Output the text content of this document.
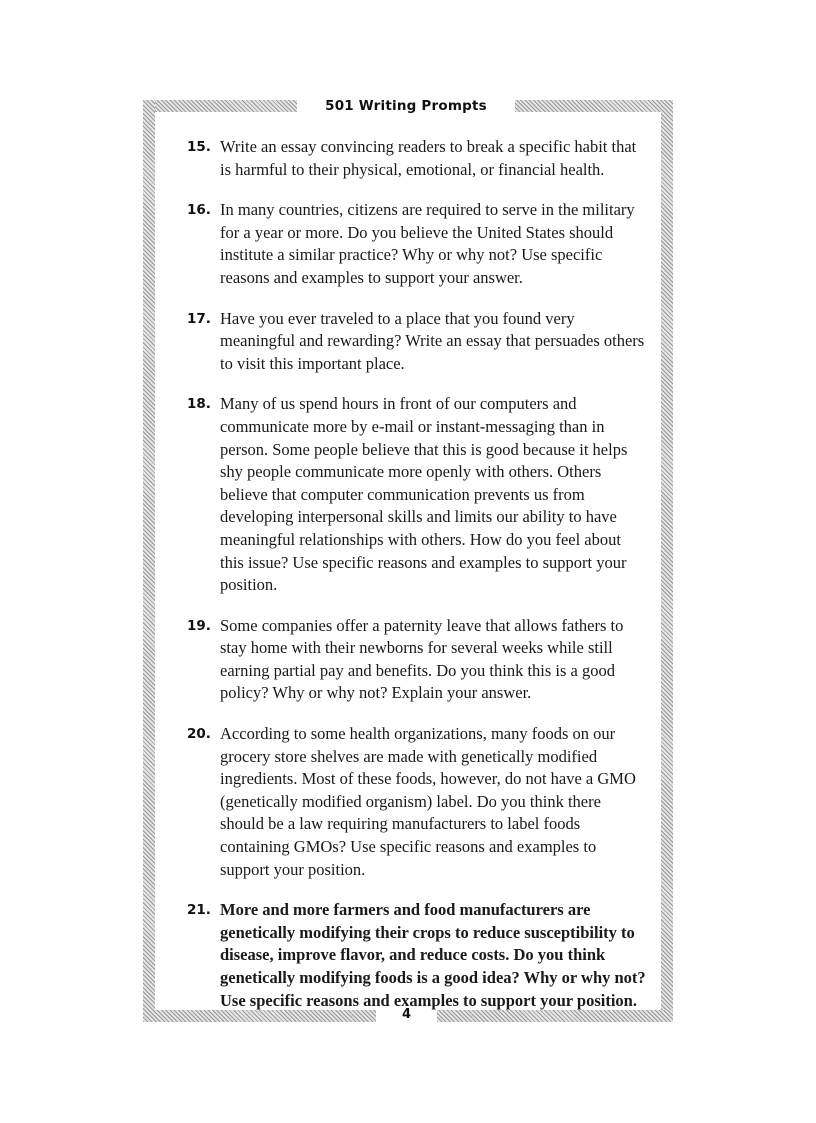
501 Writing Prompts
15. Write an essay convincing readers to break a specific habit that is harmful to their physical, emotional, or financial health.
16. In many countries, citizens are required to serve in the military for a year or more. Do you believe the United States should institute a similar practice? Why or why not? Use specific reasons and examples to support your answer.
17. Have you ever traveled to a place that you found very meaningful and rewarding? Write an essay that persuades others to visit this important place.
18. Many of us spend hours in front of our computers and communicate more by e-mail or instant-messaging than in person. Some people believe that this is good because it helps shy people communicate more openly with others. Others believe that computer communication prevents us from developing interpersonal skills and limits our ability to have meaningful relationships with others. How do you feel about this issue? Use specific reasons and examples to support your position.
19. Some companies offer a paternity leave that allows fathers to stay home with their newborns for several weeks while still earning partial pay and benefits. Do you think this is a good policy? Why or why not? Explain your answer.
20. According to some health organizations, many foods on our grocery store shelves are made with genetically modified ingredients. Most of these foods, however, do not have a GMO (genetically modified organism) label. Do you think there should be a law requiring manufacturers to label foods containing GMOs? Use specific reasons and examples to support your position.
21. More and more farmers and food manufacturers are genetically modifying their crops to reduce susceptibility to disease, improve flavor, and reduce costs. Do you think genetically modifying foods is a good idea? Why or why not? Use specific reasons and examples to support your position.
4
